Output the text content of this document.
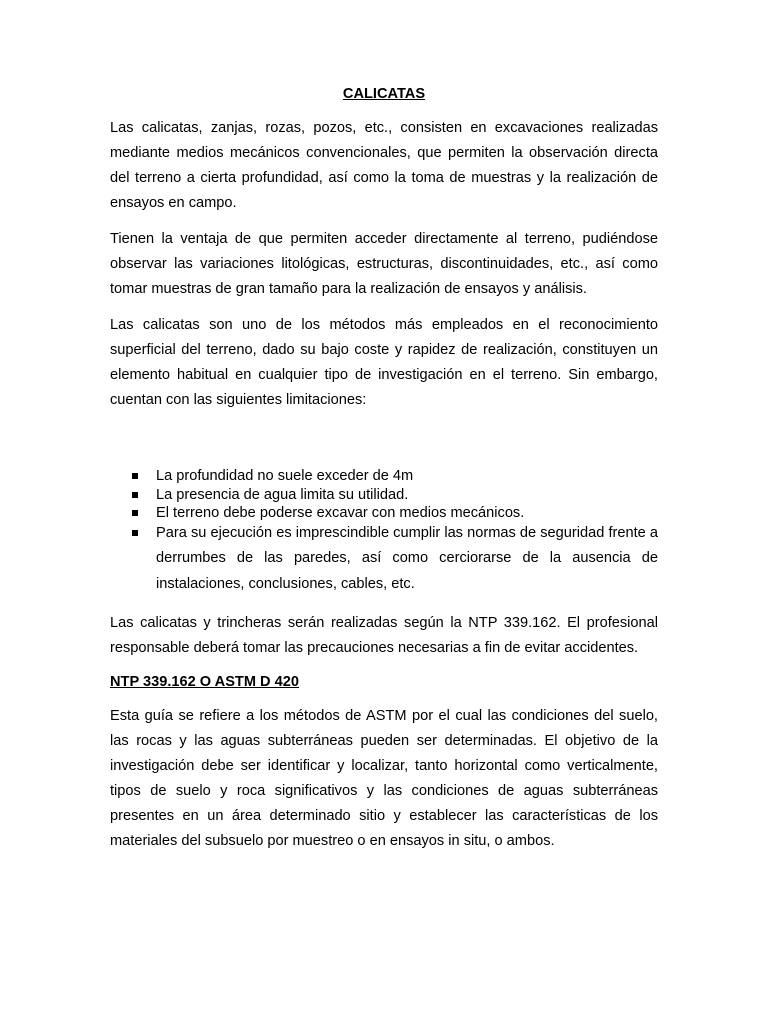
CALICATAS

Las calicatas, zanjas, rozas, pozos, etc., consisten en excavaciones realizadas mediante medios mecánicos convencionales, que permiten la observación directa del terreno a cierta profundidad, así como la toma de muestras y la realización de ensayos en campo.

Tienen la ventaja de que permiten acceder directamente al terreno, pudiéndose observar las variaciones litológicas, estructuras, discontinuidades, etc., así como tomar muestras de gran tamaño para la realización de ensayos y análisis.

Las calicatas son uno de los métodos más empleados en el reconocimiento superficial del terreno, dado su bajo coste y rapidez de realización, constituyen un elemento habitual en cualquier tipo de investigación en el terreno. Sin embargo, cuentan con las siguientes limitaciones:

La profundidad no suele exceder de 4m
La presencia de agua limita su utilidad.
El terreno debe poderse excavar con medios mecánicos.
Para su ejecución es imprescindible cumplir las normas de seguridad frente a derrumbes de las paredes, así como cerciorarse de la ausencia de instalaciones, conclusiones, cables, etc.

Las calicatas y trincheras serán realizadas según la NTP 339.162. El profesional responsable deberá tomar las precauciones necesarias a fin de evitar accidentes.

NTP 339.162 O ASTM D 420

Esta guía se refiere a los métodos de ASTM por el cual las condiciones del suelo, las rocas y las aguas subterráneas pueden ser determinadas. El objetivo de la investigación debe ser identificar y localizar, tanto horizontal como verticalmente, tipos de suelo y roca significativos y las condiciones de aguas subterráneas presentes en un área determinado sitio y establecer las características de los materiales del subsuelo por muestreo o en ensayos in situ, o ambos.
